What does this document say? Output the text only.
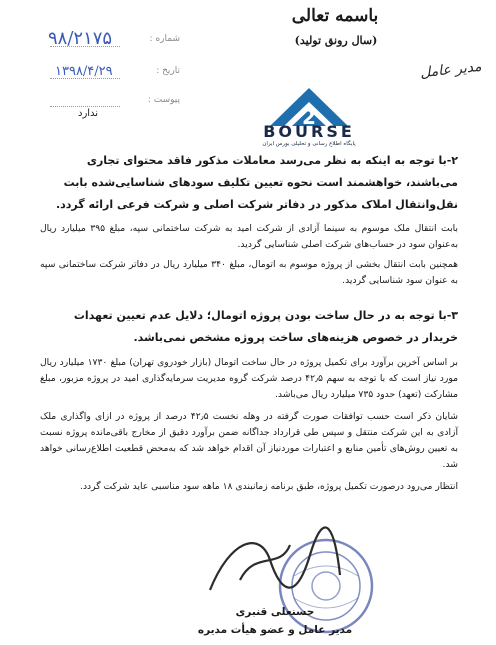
شماره :
۹۸/۲۱۷۵
تاریخ :
۱۳۹۸/۴/۲۹
پیوست :
ندارد
باسمه تعالی
(سال رونق تولید)
مدیر عامل
2
BOURSE
پایگاه اطلاع رسانی و تحلیلی بورس ایران
۲-با توجه به اینکه به نظر می‌رسد معاملات مذکور فاقد محتوای تجاری می‌باشند، خواهشمند است نحوه تعیین تکلیف سودهای شناسایی‌شده بابت نقل‌وانتقال املاک مذکور در دفاتر شرکت اصلی و شرکت فرعی ارائه گردد.
بابت انتقال ملک موسوم به سینما آزادی از شرکت امید به شرکت ساختمانی سپه، مبلغ ۳۹۵ میلیارد ریال به‌عنوان سود در حساب‌های شرکت اصلی شناسایی گردید.
همچنین بابت انتقال بخشی از پروژه موسوم به اتومال، مبلغ ۳۴۰ میلیارد ریال در دفاتر شرکت ساختمانی سپه به عنوان سود شناسایی گردید.
۳-با توجه به در حال ساخت بودن پروژه اتومال؛ دلایل عدم تعیین تعهدات خریدار در خصوص هزینه‌های ساخت پروژه مشخص نمی‌باشد.
بر اساس آخرین برآورد برای تکمیل پروژه در حال ساخت اتومال (بازار خودروی تهران) مبلغ ۱۷۳۰ میلیارد ریال مورد نیاز است که با توجه به سهم ۴۲٫۵ درصد شرکت گروه مدیریت سرمایه‌گذاری امید در پروژه مزبور، مبلغ مشارکت (تعهد) حدود ۷۳۵ میلیارد ریال می‌باشد.
شایان ذکر است حسب توافقات صورت گرفته در وهله نخست ۴۲٫۵ درصد از پروژه در ازای واگذاری ملک آزادی به این شرکت منتقل و سپس طی قرارداد جداگانه ضمن برآورد دقیق از مخارج باقی‌مانده پروژه نسبت به تعیین روش‌های تأمین منابع و اعتبارات موردنیاز آن اقدام خواهد شد که به‌محض قطعیت اطلاع‌رسانی خواهد شد.
انتظار می‌رود درصورت تکمیل پروژه، طبق برنامه زمانبندی ۱۸ ماهه سود مناسبی عاید شرکت گردد.
حسنعلی قنبری
مدیر عامل و عضو هیأت مدیره
